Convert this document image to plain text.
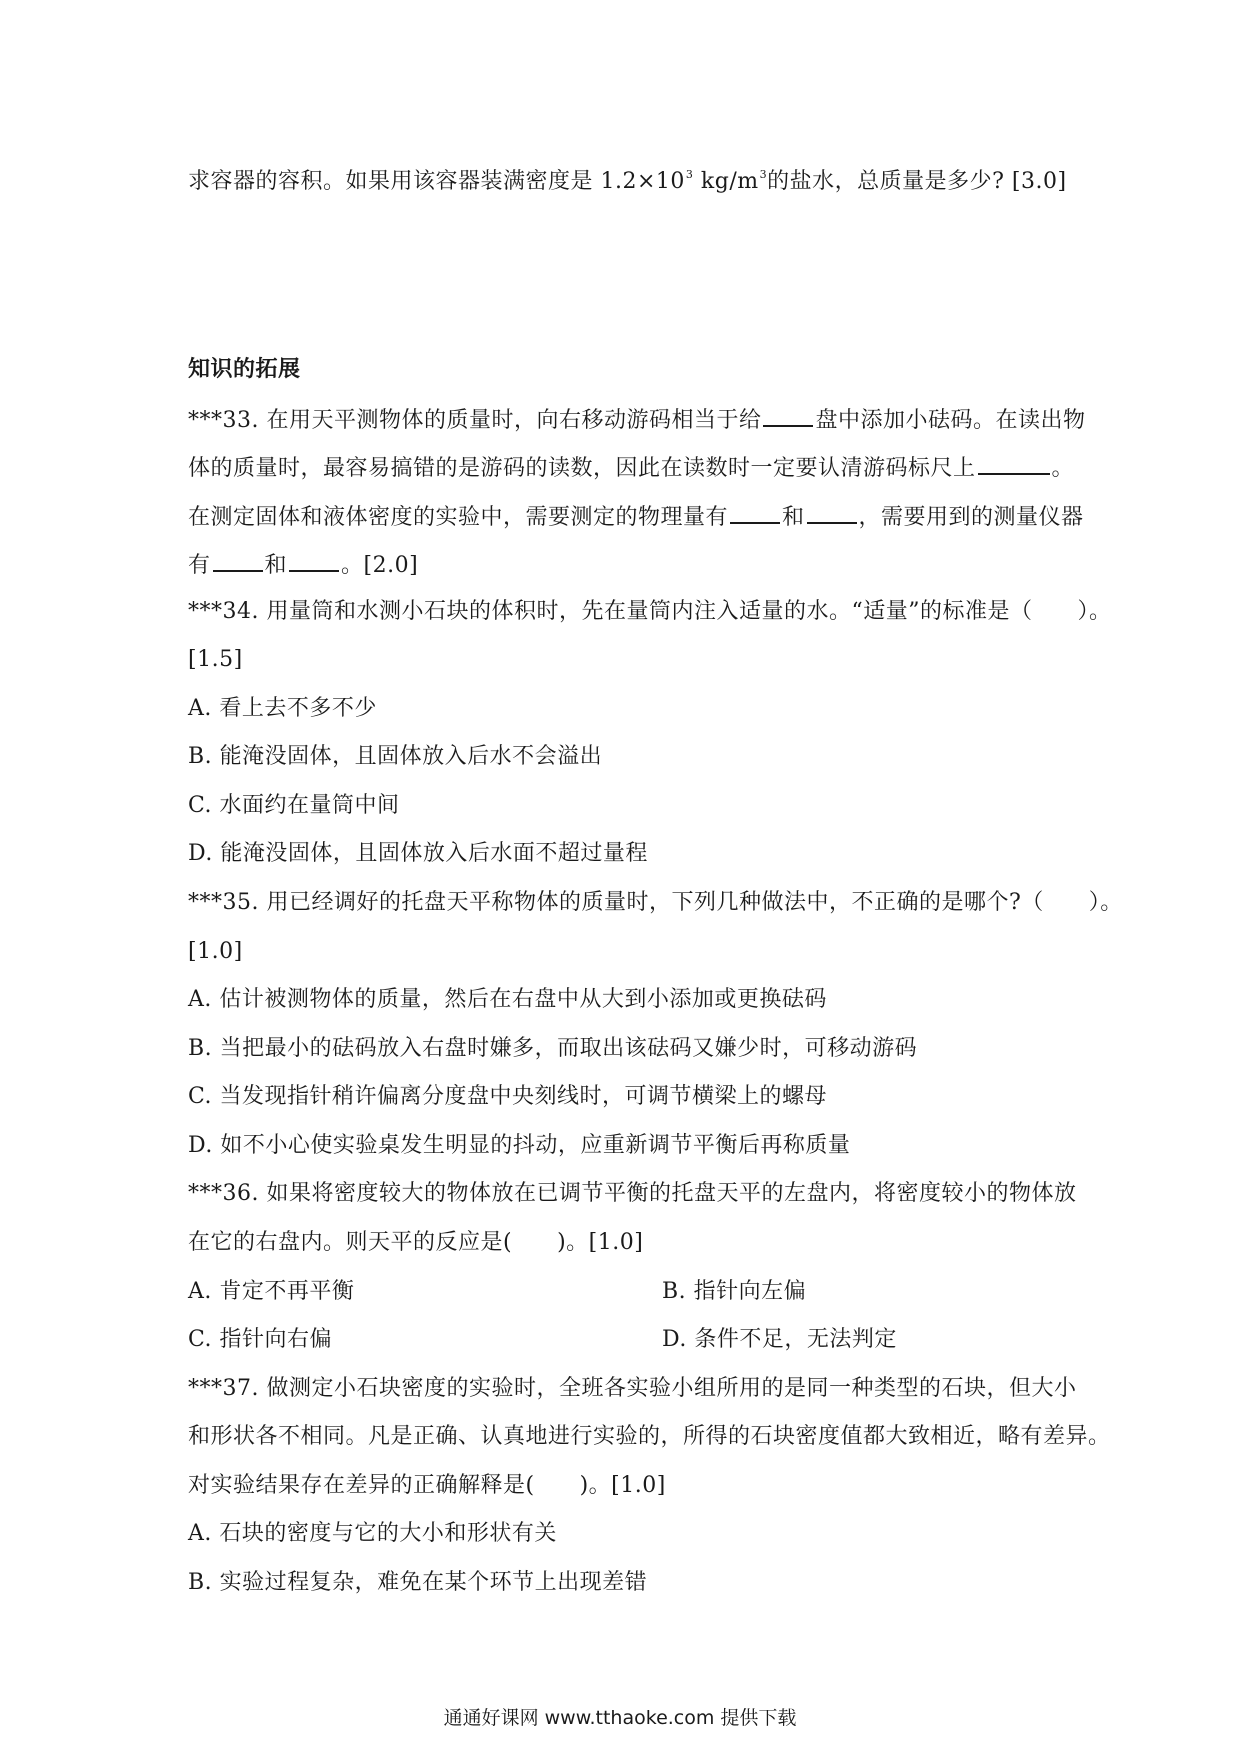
求容器的容积。如果用该容器装满密度是 $1.2\times 10^3$ $kg/m^3$的盐水，总质量是多少? [3.0]
知识的拓展
***33. 在用天平测物体的质量时，向右移动游码相当于给 盘中添加小砝码。在读出物
体的质量时，最容易搞错的是游码的读数，因此在读数时一定要认清游码标尺上	。
在测定固体和液体密度的实验中，需要测定的物理量有 和 ，需要用到的测量仪器
有 和 。[2.0]
***34. 用量筒和水测小石块的体积时，先在量筒内注入适量的水。“适量”的标准是（　　）。
[1.5]
A. 看上去不多不少
B. 能淹没固体，且固体放入后水不会溢出
C. 水面约在量筒中间
D. 能淹没固体，且固体放入后水面不超过量程
***35. 用已经调好的托盘天平称物体的质量时，下列几种做法中，不正确的是哪个?（　　）。
[1.0]
A. 估计被测物体的质量，然后在右盘中从大到小添加或更换砝码
B. 当把最小的砝码放入右盘时嫌多，而取出该砝码又嫌少时，可移动游码
C. 当发现指针稍许偏离分度盘中央刻线时，可调节横梁上的螺母
D. 如不小心使实验桌发生明显的抖动，应重新调节平衡后再称质量
***36. 如果将密度较大的物体放在已调节平衡的托盘天平的左盘内，将密度较小的物体放
在它的右盘内。则天平的反应是(　　)。[1.0]
A. 肯定不再平衡	B. 指针向左偏
C. 指针向右偏	D. 条件不足，无法判定
***37. 做测定小石块密度的实验时，全班各实验小组所用的是同一种类型的石块，但大小
和形状各不相同。凡是正确、认真地进行实验的，所得的石块密度值都大致相近，略有差异。
对实验结果存在差异的正确解释是(　　)。[1.0]
A. 石块的密度与它的大小和形状有关
B. 实验过程复杂，难免在某个环节上出现差错
通通好课网 www.tthaoke.com 提供下载
